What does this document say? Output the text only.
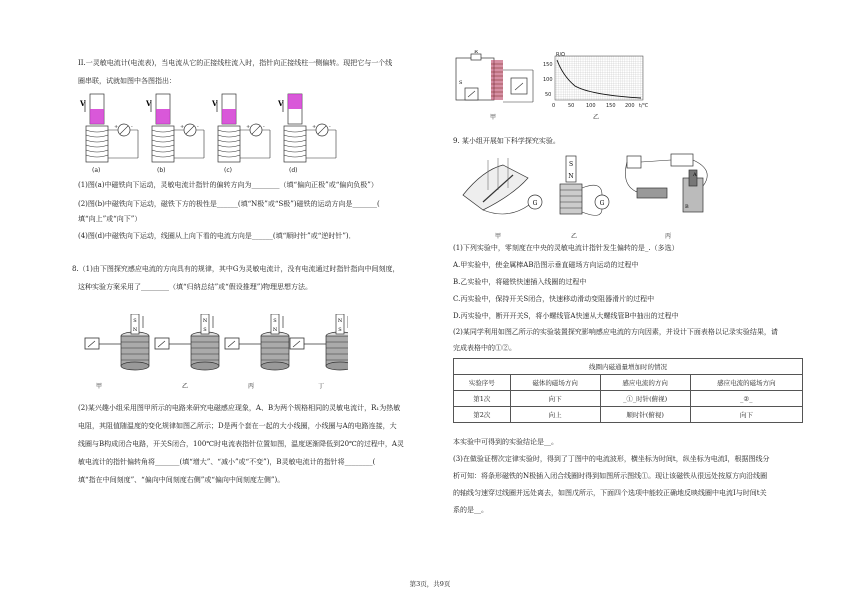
II.一灵敏电流计(电流表)，当电流从它的正接线柱流入时，指针向正接线柱一侧偏转。现把它与一个线
圈串联，试就如图中各图指出：
V
+	-
V
+	-
V
+	-
V
+	-
(a)	(b)	(c)	(d)
(1)图(a)中磁铁向下运动，灵敏电流计指针的偏转方向为________（填“偏向正极”或“偏向负极”）
(2)图(b)中磁铁向下运动，磁铁下方的极性是______(填“N极”或“S极”)磁铁的运动方向是_______(
填“向上”或“向下”）
(4)图(d)中磁铁向下运动，线圈从上向下看的电流方向是______(填“顺时针”或“逆时针”)．
8.（1)由下图探究感应电流的方向具有的规律，其中G为灵敏电流计，没有电流通过时指针指向中间刻度，
这种实验方案采用了________（填“归纳总结”或“假设推理”)物理思想方法。
S
N
N
S
S
N
N
S
甲	乙	丙	丁
(2)某兴趣小组采用图甲所示的电路来研究电磁感应现象，A、B为两个规格相同的灵敏电流计，R₁为热敏
电阻，其阻值随温度的变化规律如图乙所示；D是两个套在一起的大小线圈，小线圈与A的电路连接，大
线圈与B构成闭合电路，开关S闭合，100℃时电流表指针位置如图，温度逐渐降低到20℃的过程中，A灵
敏电流计的指针偏转角将_______(填“增大”、“减小”或“不变”)，B灵敏电流计的指针将________(
填“指在中间刻度”、“偏向中间刻度右侧”或“偏向中间刻度左侧”)。
R
S
甲
R/Ω
150
100
50
0	50 100 150 200 t/℃
乙
9. 某小组开展如下科学探究实验。
G
S
N
G	B
A
甲	乙	丙
(1)下列实验中，零刻度在中央的灵敏电流计指针发生偏转的是_.（多选）
A.甲实验中，使金属棒AB沿图示垂直磁场方向运动的过程中
B.乙实验中，将磁铁快速插入线圈的过程中
C.丙实验中，保持开关S闭合，快速移动滑动变阻器滑片的过程中
D.丙实验中，断开开关S，将小螺线管A快速从大螺线管B中抽出的过程中
(2)某同学利用如图乙所示的实验装置探究影响感应电流的方向因素，并设计下面表格以记录实验结果，请
完成表格中的①②。
线圈内磁通量增加时的情况			
实验序号	磁体的磁场方向	感应电流的方向	感应电流的磁场方向
第1次	向下	_①_时针(俯视)	_②_
第2次	向上	顺时针(俯视)	向下
本实验中可得到的实验结论是__。
(3)在做验证楞次定律实验时，得到了丁图中的电流波形，横坐标为时间t，纵坐标为电流I，根据图线分
析可知：将条形磁铁的N极插入闭合线圈时得到如图所示图线①。现让该磁铁从很远处按原方向沿线圈
的轴线匀速穿过线圈并远处离去，如图戊所示，下面四个选项中能较正确地反映线圈中电流I与时间t关
系的是__。
第3页，共9页
